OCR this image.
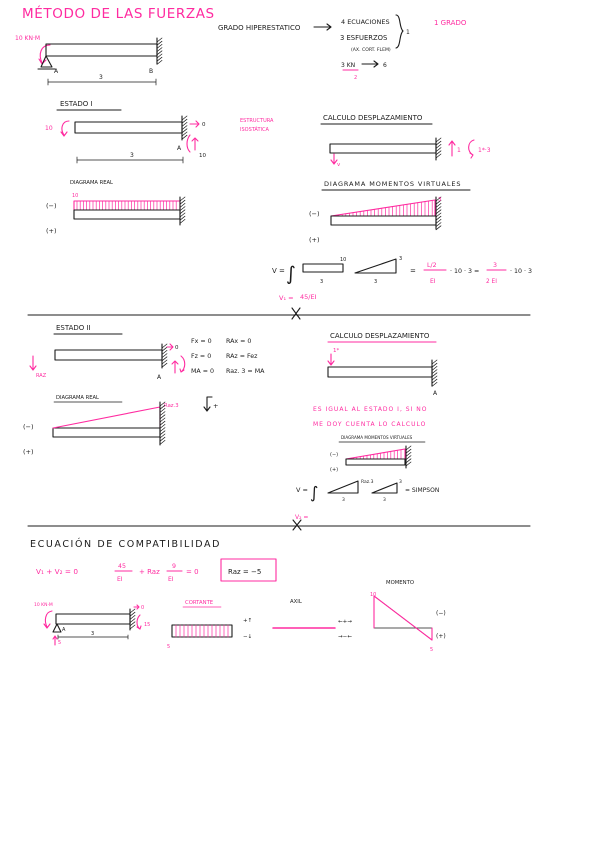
MÉTODO DE LAS FUERZAS
10 KN·M
A	B
3
GRADO HIPERESTATICO
4 ECUACIONES
3 ESFUERZOS
(AX. CORT. FLEM)
1
1 GRADO
3 KN	6
2
ESTADO I
10
A
0
10
ESTRUCTURA
ISOSTÁTICA
3
CALCULO DESPLAZAMIENTO
v
1	1*·3
DIAGRAMA REAL
10
(−)
(+)
DIAGRAMA MOMENTOS VIRTUALES
3
(−)
(+)
V = ∫
10
3
3
3
=
L/2
EI
· 10 · 3 =
3
2 EI
· 10 · 3
V₁ = 45/EI
ESTADO II
RAZ	A
0
Fx = 0 RAx = 0
Fz = 0 RAz = Fez
MA = 0 Raz. 3 = MA
CALCULO DESPLAZAMIENTO
1*
A
DIAGRAMA REAL
Raz.3	+
(−)
(+)
ES IGUAL AL ESTADO I, SI NO
ME DOY CUENTA LO CALCULO
DIAGRAMA MOMENTOS VIRTUALES
(−)
(+)
V = ∫
Raz.3
3
3
3
= SIMPSON
V₂ =
ECUACIÓN DE COMPATIBILIDAD
V₁ + V₂ = 0
45
EI
+ Raz
9
EI
= 0	Raz = −5
10 KN·M
A
3
0
15
5
CORTANTE
5
+↑
−↓
AXIL
←+→
→−←
MOMENTO
10
5
(−)
(+)
